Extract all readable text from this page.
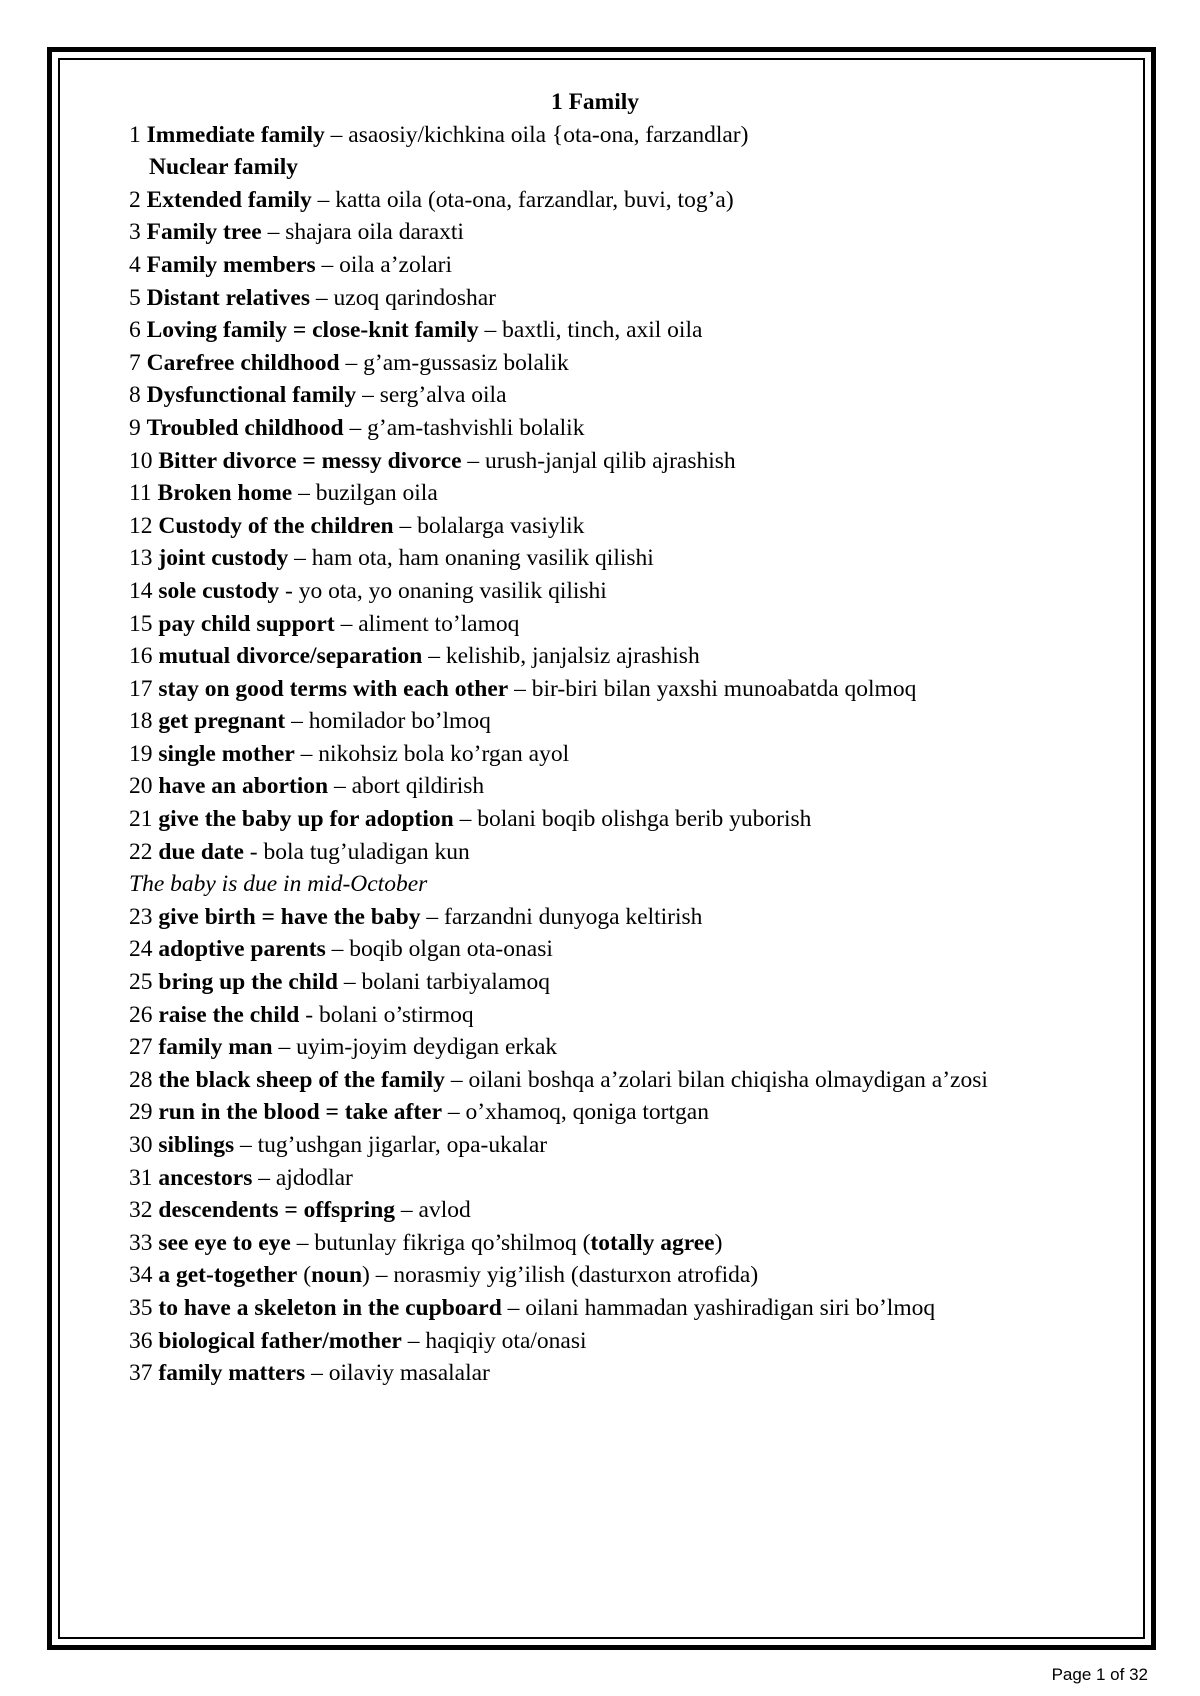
1 Family
1 Immediate family – asaosiy/kichkina oila {ota-ona, farzandlar)
Nuclear family
2 Extended family – katta oila (ota-ona, farzandlar, buvi, tog’a)
3 Family tree – shajara oila daraxti
4 Family members – oila a’zolari
5 Distant relatives – uzoq qarindoshar
6 Loving family = close-knit family – baxtli, tinch, axil oila
7 Carefree childhood – g’am-gussasiz bolalik
8 Dysfunctional family – serg’alva oila
9 Troubled childhood – g’am-tashvishli bolalik
10 Bitter divorce = messy divorce – urush-janjal qilib ajrashish
11 Broken home – buzilgan oila
12 Custody of the children – bolalarga vasiylik
13 joint custody – ham ota, ham onaning vasilik qilishi
14 sole custody - yo ota, yo onaning vasilik qilishi
15 pay child support – aliment to’lamoq
16 mutual divorce/separation – kelishib, janjalsiz ajrashish
17 stay on good terms with each other – bir-biri bilan yaxshi munoabatda qolmoq
18 get pregnant – homilador bo’lmoq
19 single mother – nikohsiz bola ko’rgan ayol
20 have an abortion – abort qildirish
21 give the baby up for adoption – bolani boqib olishga berib yuborish
22 due date - bola tug’uladigan kun
The baby is due in mid-October
23 give birth = have the baby – farzandni dunyoga keltirish
24 adoptive parents – boqib olgan ota-onasi
25 bring up the child – bolani tarbiyalamoq
26 raise the child - bolani o’stirmoq
27 family man – uyim-joyim deydigan erkak
28 the black sheep of the family – oilani boshqa a’zolari bilan chiqisha olmaydigan a’zosi
29 run in the blood = take after – o’xhamoq, qoniga tortgan
30 siblings – tug’ushgan jigarlar, opa-ukalar
31 ancestors – ajdodlar
32 descendents = offspring – avlod
33 see eye to eye – butunlay fikriga qo’shilmoq (totally agree)
34 a get-together (noun) – norasmiy yig’ilish (dasturxon atrofida)
35 to have a skeleton in the cupboard – oilani hammadan yashiradigan siri bo’lmoq
36 biological father/mother – haqiqiy ota/onasi
37 family matters – oilaviy masalalar
Page 1 of 32
